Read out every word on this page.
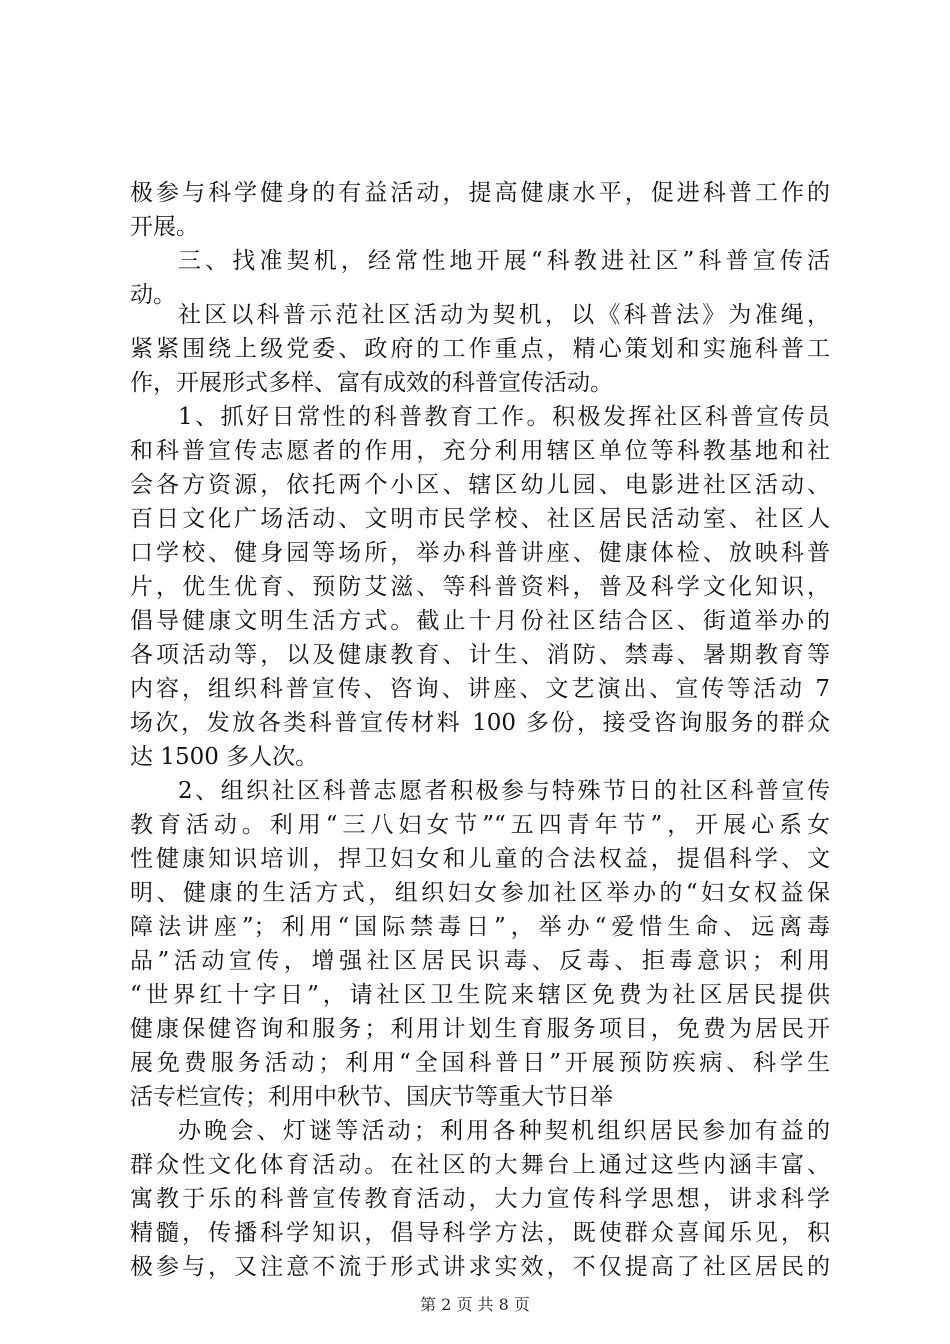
极参与科学健身的有益活动，提高健康水平，促进科普工作的
开展。
三、找准契机，经常性地开展“科教进社区”科普宣传活
动。
社区以科普示范社区活动为契机，以《科普法》为准绳，
紧紧围绕上级党委、政府的工作重点，精心策划和实施科普工
作，开展形式多样、富有成效的科普宣传活动。
1、抓好日常性的科普教育工作。积极发挥社区科普宣传员
和科普宣传志愿者的作用，充分利用辖区单位等科教基地和社
会各方资源，依托两个小区、辖区幼儿园、电影进社区活动、
百日文化广场活动、文明市民学校、社区居民活动室、社区人
口学校、健身园等场所，举办科普讲座、健康体检、放映科普
片，优生优育、预防艾滋、等科普资料，普及科学文化知识，
倡导健康文明生活方式。截止十月份社区结合区、街道举办的
各项活动等，以及健康教育、计生、消防、禁毒、暑期教育等
内容，组织科普宣传、咨询、讲座、文艺演出、宣传等活动 7
场次，发放各类科普宣传材料 100 多份，接受咨询服务的群众
达 1500 多人次。
2、组织社区科普志愿者积极参与特殊节日的社区科普宣传
教育活动。利用“三八妇女节”“五四青年节”，开展心系女
性健康知识培训，捍卫妇女和儿童的合法权益，提倡科学、文
明、健康的生活方式，组织妇女参加社区举办的“妇女权益保
障法讲座”；利用“国际禁毒日”，举办“爱惜生命、远离毒
品”活动宣传，增强社区居民识毒、反毒、拒毒意识；利用
“世界红十字日”，请社区卫生院来辖区免费为社区居民提供
健康保健咨询和服务；利用计划生育服务项目，免费为居民开
展免费服务活动；利用“全国科普日”开展预防疾病、科学生
活专栏宣传；利用中秋节、国庆节等重大节日举
办晚会、灯谜等活动；利用各种契机组织居民参加有益的
群众性文化体育活动。在社区的大舞台上通过这些内涵丰富、
寓教于乐的科普宣传教育活动，大力宣传科学思想，讲求科学
精髓，传播科学知识，倡导科学方法，既使群众喜闻乐见，积
极参与，又注意不流于形式讲求实效，不仅提高了社区居民的
第 2 页 共 8 页
